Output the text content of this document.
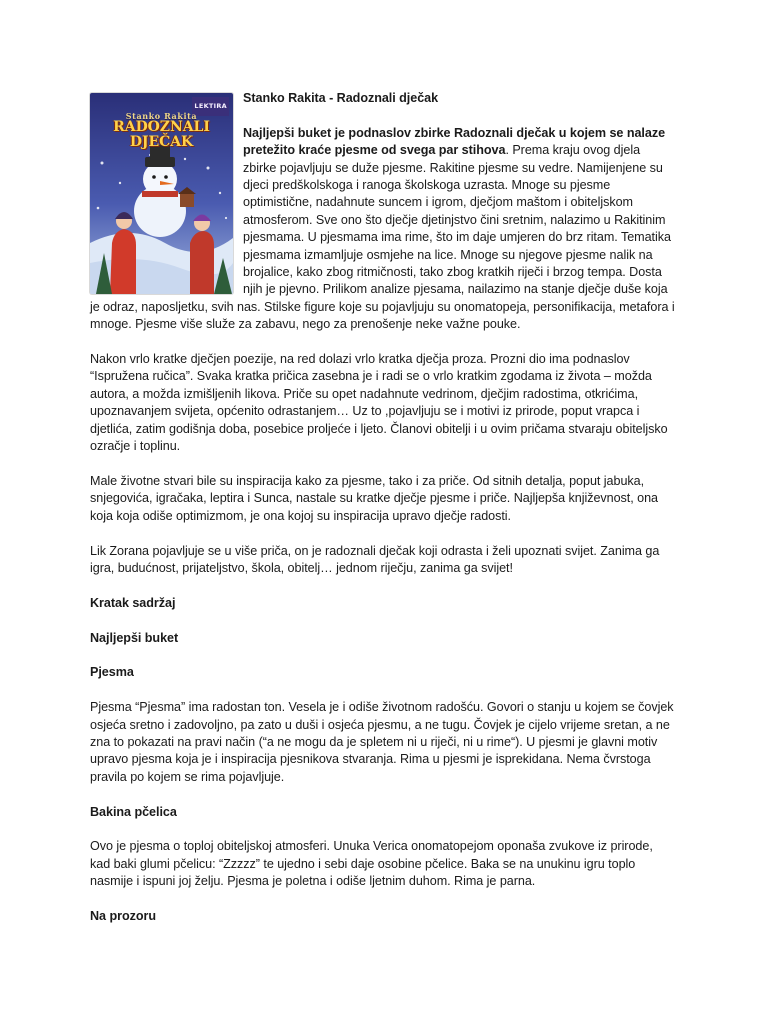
LEKTIRA
Stanko Rakita
RADOZNALI
DJEČAK
Stanko Rakita - Radoznali dječak

Najljepši buket je podnaslov zbirke Radoznali dječak u kojem se nalaze pretežito kraće pjesme od svega par stihova. Prema kraju ovog djela zbirke pojavljuju se duže pjesme. Rakitine pjesme su vedre. Namijenjene su djeci predškolskoga i ranoga školskoga uzrasta. Mnoge su pjesme optimistične, nadahnute suncem i igrom, dječjom maštom i obiteljskom atmosferom. Sve ono što dječje djetinjstvo čini sretnim, nalazimo u Rakitinim pjesmama. U pjesmama ima rime, što im daje umjeren do brz ritam. Tematika pjesmama izmamljuje osmjehe na lice. Mnoge su njegove pjesme nalik na brojalice, kako zbog ritmičnosti, tako zbog kratkih riječi i brzog tempa. Dosta njih je pjevno. Prilikom analize pjesama, nailazimo na stanje dječje duše koja je odraz, naposljetku, svih nas. Stilske figure koje su pojavljuju su onomatopeja, personifikacija, metafora i mnoge. Pjesme više služe za zabavu, nego za prenošenje neke važne pouke.

Nakon vrlo kratke dječjen poezije, na red dolazi vrlo kratka dječja proza. Prozni dio ima podnaslov “Ispružena ručica”. Svaka kratka pričica zasebna je i radi se o vrlo kratkim zgodama iz života – možda autora, a možda izmišljenih likova. Priče su opet nadahnute vedrinom, dječjim radostima, otkrićima, upoznavanjem svijeta, općenito odrastanjem… Uz to ,pojavljuju se i motivi iz prirode, poput vrapca i djetlića, zatim godišnja doba, posebice proljeće i ljeto. Članovi obitelji i u ovim pričama stvaraju obiteljsko ozračje i toplinu.

Male životne stvari bile su inspiracija kako za pjesme, tako i za priče. Od sitnih detalja, poput jabuka, snjegovića, igračaka, leptira i Sunca, nastale su kratke dječje pjesme i priče. Najljepša književnost, ona koja koja odiše optimizmom, je ona kojoj su inspiracija upravo dječje radosti.

Lik Zorana pojavljuje se u više priča, on je radoznali dječak koji odrasta i želi upoznati svijet. Zanima ga igra, budućnost, prijateljstvo, škola, obitelj… jednom riječju, zanima ga svijet!

Kratak sadržaj
Najljepši buket
Pjesma

Pjesma “Pjesma” ima radostan ton. Vesela je i odiše životnom radošću. Govori o stanju u kojem se čovjek osjeća sretno i zadovoljno, pa zato u duši i osjeća pjesmu, a ne tugu. Čovjek je cijelo vrijeme sretan, a ne zna to pokazati na pravi način (“a ne mogu da je spletem ni u riječi, ni u rime“). U pjesmi je glavni motiv upravo pjesma koja je i inspiracija pjesnikova stvaranja. Rima u pjesmi je isprekidana. Nema čvrstoga pravila po kojem se rima pojavljuje.

Bakina pčelica

Ovo je pjesma o toploj obiteljskoj atmosferi. Unuka Verica onomatopejom oponaša zvukove iz prirode, kad baki glumi pčelicu: “Zzzzz” te ujedno i sebi daje osobine pčelice. Baka se na unukinu igru toplo nasmije i ispuni joj želju. Pjesma je poletna i odiše ljetnim duhom. Rima je parna.

Na prozoru
